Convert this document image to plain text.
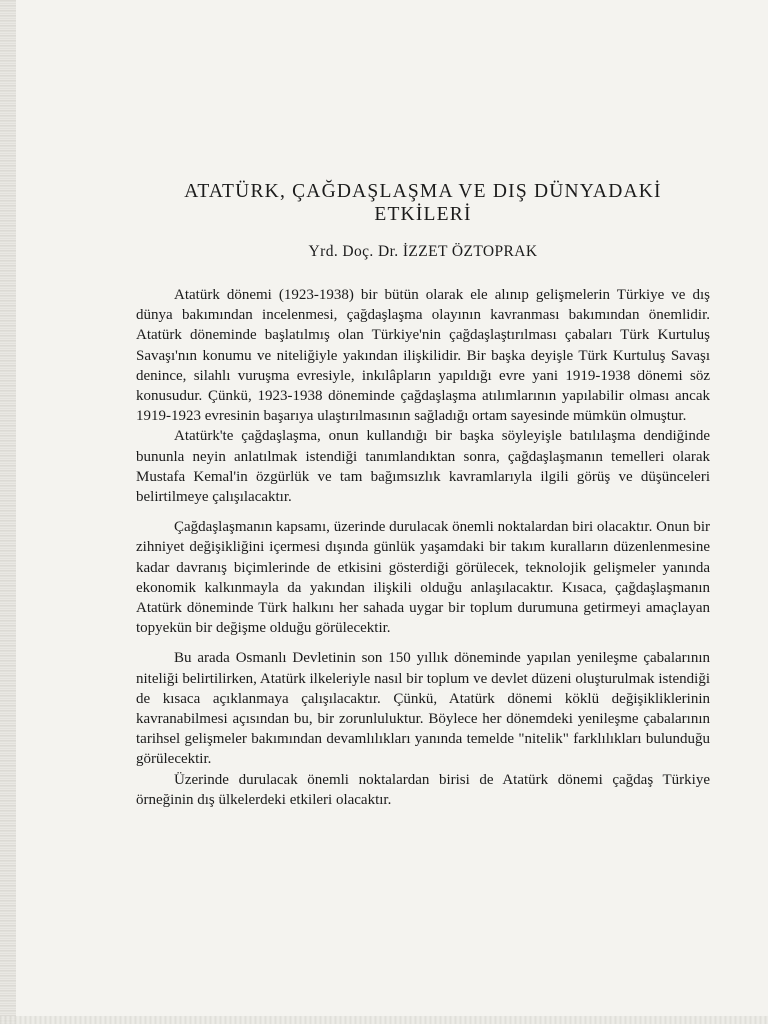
ATATÜRK, ÇAĞDAŞLAŞMA VE DIŞ DÜNYADAKİ ETKİLERİ
Yrd. Doç. Dr. İZZET ÖZTOPRAK

Atatürk dönemi (1923-1938) bir bütün olarak ele alınıp gelişmelerin Türkiye ve dış dünya bakımından incelenmesi, çağdaşlaşma olayının kavranması bakımından önemlidir. Atatürk döneminde başlatılmış olan Türkiye'nin çağdaşlaştırılması çabaları Türk Kurtuluş Savaşı'nın konumu ve niteliğiyle yakından ilişkilidir. Bir başka deyişle Türk Kurtuluş Savaşı denince, silahlı vuruşma evresiyle, inkılâpların yapıldığı evre yani 1919-1938 dönemi söz konusudur. Çünkü, 1923-1938 döneminde çağdaşlaşma atılımlarının yapılabilir olması ancak 1919-1923 evresinin başarıya ulaştırılmasının sağladığı ortam sayesinde mümkün olmuştur.

Atatürk'te çağdaşlaşma, onun kullandığı bir başka söyleyişle batılılaşma dendiğinde bununla neyin anlatılmak istendiği tanımlandıktan sonra, çağdaşlaşmanın temelleri olarak Mustafa Kemal'in özgürlük ve tam bağımsızlık kavramlarıyla ilgili görüş ve düşünceleri belirtilmeye çalışılacaktır.

Çağdaşlaşmanın kapsamı, üzerinde durulacak önemli noktalardan biri olacaktır. Onun bir zihniyet değişikliğini içermesi dışında günlük yaşamdaki bir takım kuralların düzenlenmesine kadar davranış biçimlerinde de etkisini gösterdiği görülecek, teknolojik gelişmeler yanında ekonomik kalkınmayla da yakından ilişkili olduğu anlaşılacaktır. Kısaca, çağdaşlaşmanın Atatürk döneminde Türk halkını her sahada uygar bir toplum durumuna getirmeyi amaçlayan topyekün bir değişme olduğu görülecektir.

Bu arada Osmanlı Devletinin son 150 yıllık döneminde yapılan yenileşme çabalarının niteliği belirtilirken, Atatürk ilkeleriyle nasıl bir toplum ve devlet düzeni oluşturulmak istendiği de kısaca açıklanmaya çalışılacaktır. Çünkü, Atatürk dönemi köklü değişikliklerinin kavranabilmesi açısından bu, bir zorunluluktur. Böylece her dönemdeki yenileşme çabalarının tarihsel gelişmeler bakımından devamlılıkları yanında temelde "nitelik" farklılıkları bulunduğu görülecektir.

Üzerinde durulacak önemli noktalardan birisi de Atatürk dönemi çağdaş Türkiye örneğinin dış ülkelerdeki etkileri olacaktır.
